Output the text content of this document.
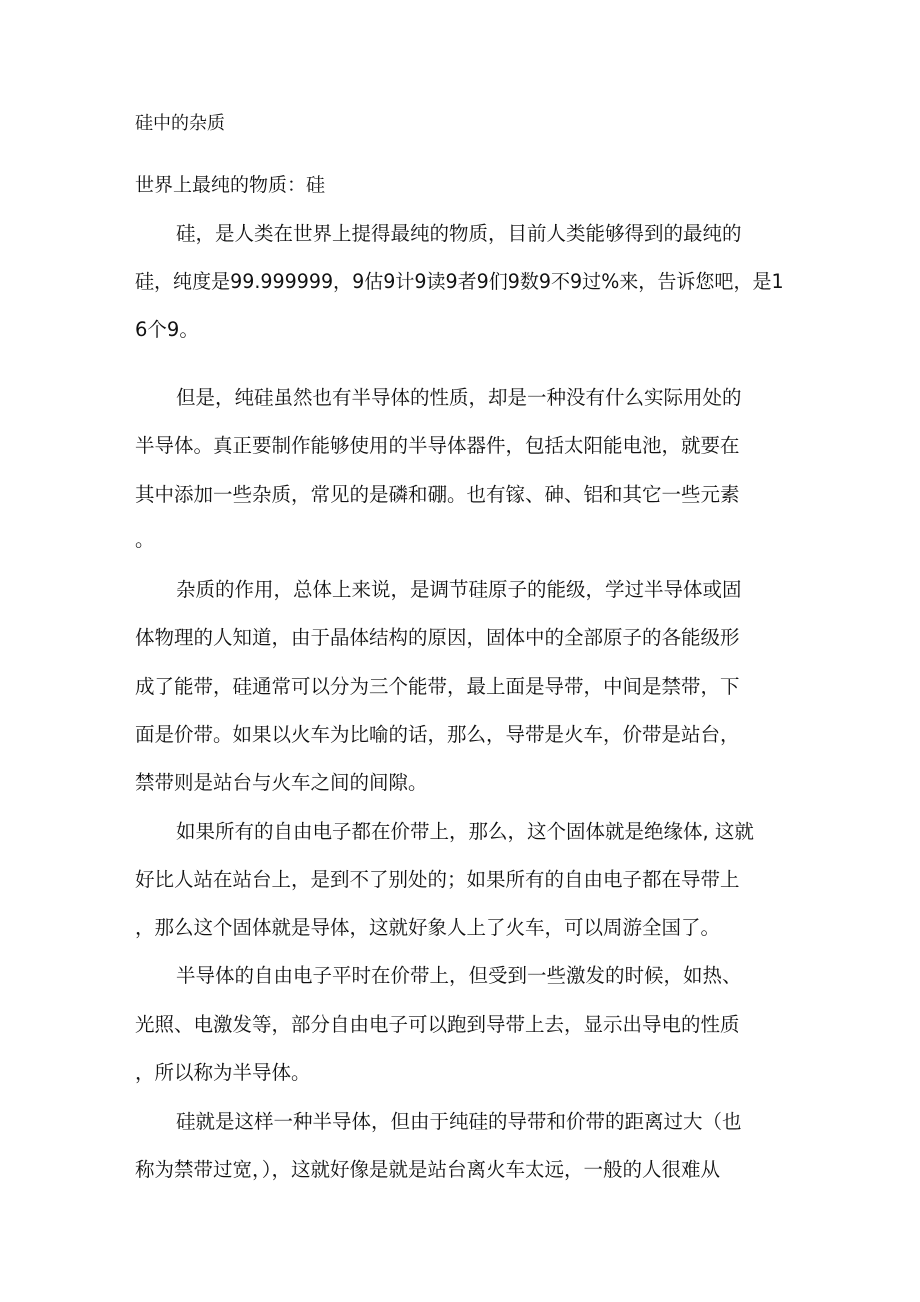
硅中的杂质
世界上最纯的物质：硅
硅，是人类在世界上提得最纯的物质，目前人类能够得到的最纯的
硅，纯度是99.999999，9估9计9读9者9们9数9不9过%来，告诉您吧，是1
6个9。
但是，纯硅虽然也有半导体的性质，却是一种没有什么实际用处的
半导体。真正要制作能够使用的半导体器件，包括太阳能电池，就要在
其中添加一些杂质，常见的是磷和硼。也有镓、砷、铝和其它一些元素
。
杂质的作用，总体上来说，是调节硅原子的能级，学过半导体或固
体物理的人知道，由于晶体结构的原因，固体中的全部原子的各能级形
成了能带，硅通常可以分为三个能带，最上面是导带，中间是禁带，下
面是价带。如果以火车为比喻的话，那么，导带是火车，价带是站台，
禁带则是站台与火车之间的间隙。
如果所有的自由电子都在价带上，那么，这个固体就是绝缘体, 这就
好比人站在站台上，是到不了别处的；如果所有的自由电子都在导带上
，那么这个固体就是导体，这就好象人上了火车，可以周游全国了。
半导体的自由电子平时在价带上，但受到一些激发的时候，如热、
光照、电激发等，部分自由电子可以跑到导带上去，显示出导电的性质
，所以称为半导体。
硅就是这样一种半导体，但由于纯硅的导带和价带的距离过大（也
称为禁带过宽，），这就好像是就是站台离火车太远，一般的人很难从
